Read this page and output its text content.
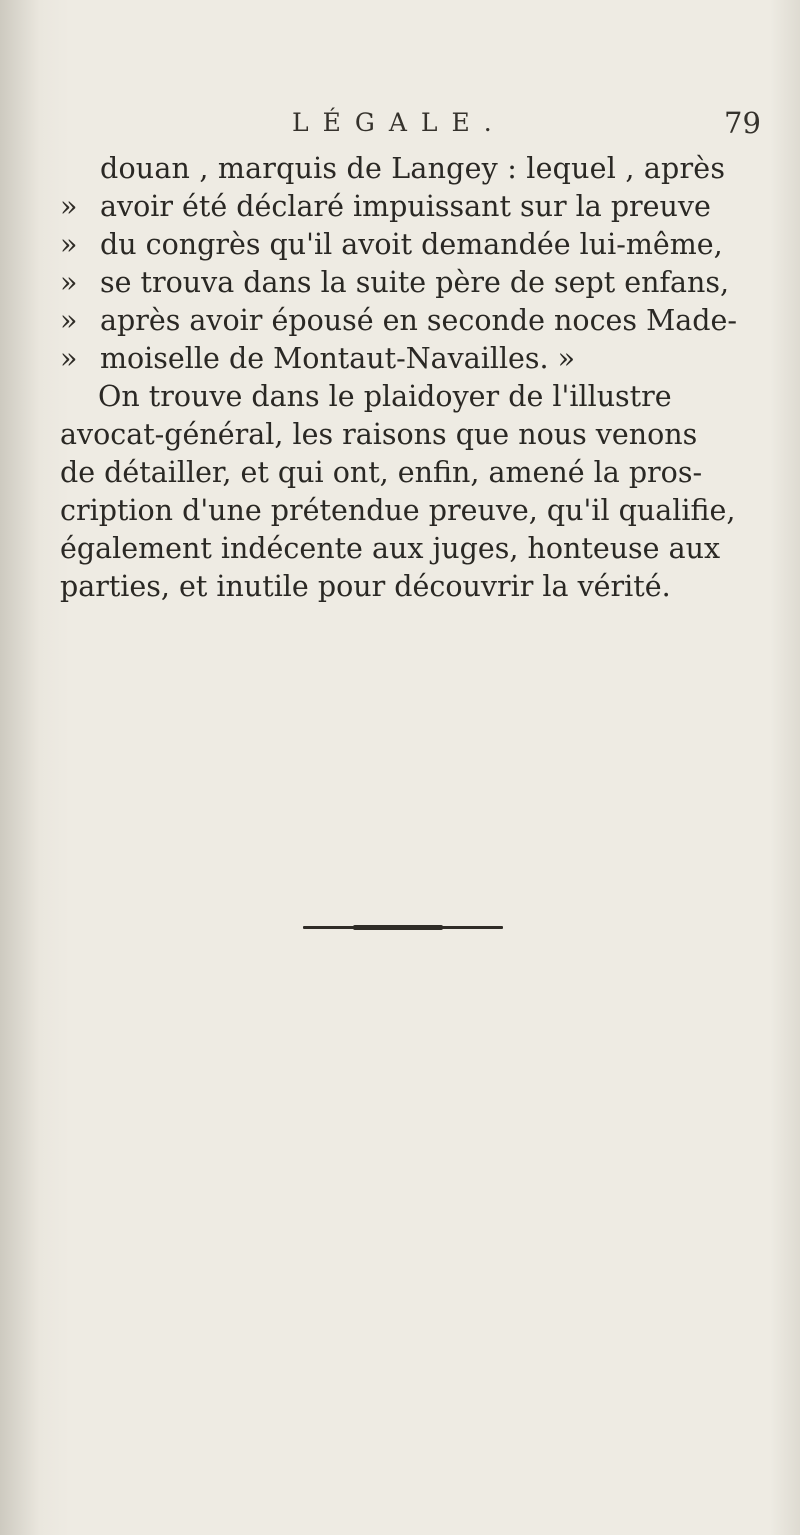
LÉGALE.	79
douan , marquis de Langey : lequel , après
» avoir été déclaré impuissant sur la preuve
» du congrès qu'il avoit demandée lui-même,
» se trouva dans la suite père de sept enfans,
» après avoir épousé en seconde noces Made-
» moiselle de Montaut-Navailles. »
On trouve dans le plaidoyer de l'illustre
avocat-général, les raisons que nous venons
de détailler, et qui ont, enfin, amené la pros-
cription d'une prétendue preuve, qu'il qualifie,
également indécente aux juges, honteuse aux
parties, et inutile pour découvrir la vérité.
